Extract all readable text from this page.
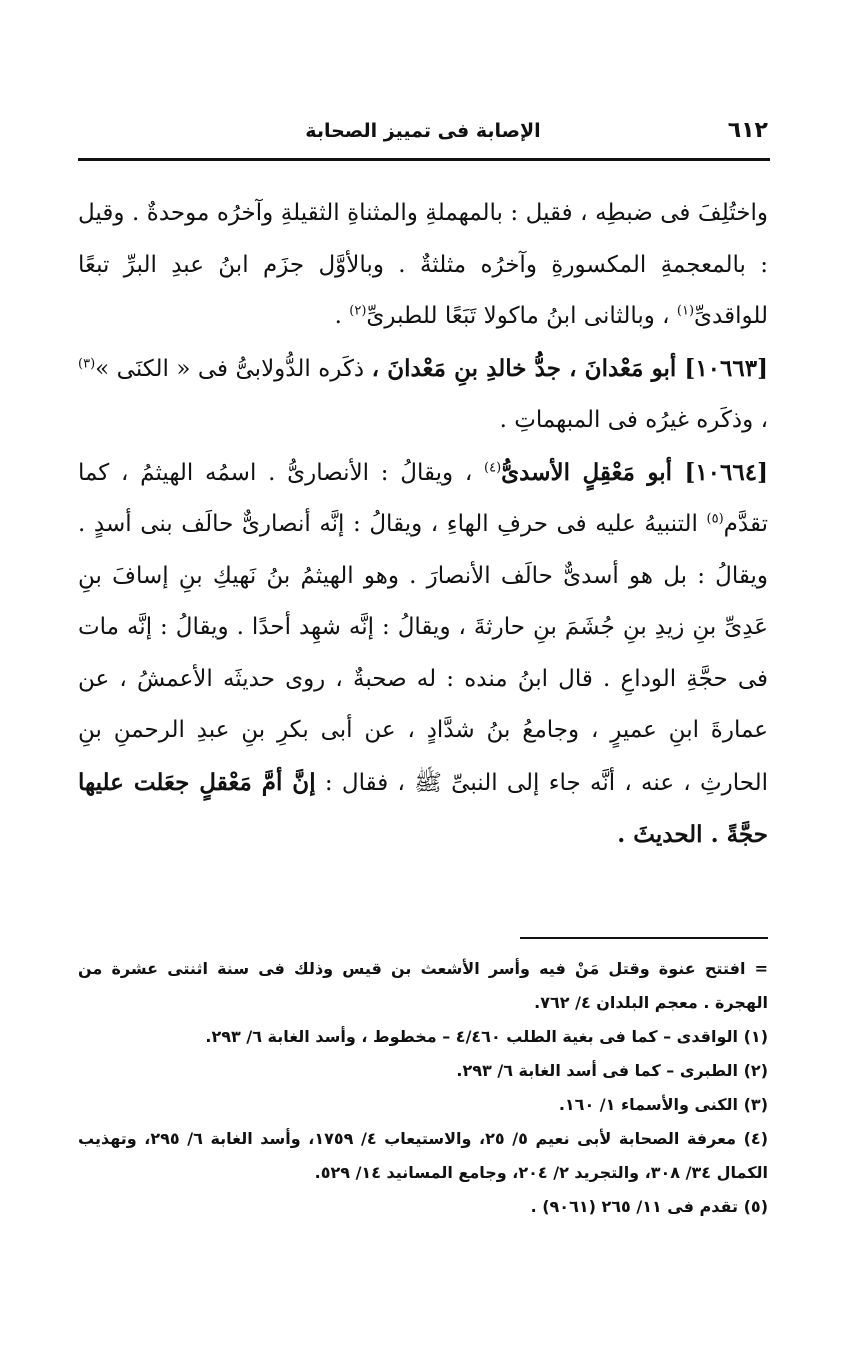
٦١٢
الإصابة فى تمييز الصحابة

واختُلِفَ فى ضبطِه ، فقيل : بالمهملةِ والمثناةِ الثقيلةِ وآخرُه موحدةٌ . وقيل : بالمعجمةِ المكسورةِ وآخرُه مثلثةٌ . وبالأوَّل جزَم ابنُ عبدِ البرِّ تبعًا للواقدىِّ$^{(١)}$ ، وبالثانى ابنُ ماكولا تَبَعًا للطبرىِّ$^{(٢)}$ .

[١٠٦٦٣] أبو مَعْدانَ ، جدُّ خالدِ بنِ مَعْدانَ ، ذكَره الدُّولابىُّ فى « الكنَى »$^{(٣)}$ ، وذكَره غيرُه فى المبهماتِ .

[١٠٦٦٤] أبو مَعْقِلٍ الأسدىُّ$^{(٤)}$ ، ويقالُ : الأنصارىُّ . اسمُه الهيثمُ ، كما تقدَّم$^{(٥)}$ التنبيهُ عليه فى حرفِ الهاءِ ، ويقالُ : إنَّه أنصارىٌّ حالَف بنى أسدٍ . ويقالُ : بل هو أسدىٌّ حالَف الأنصارَ . وهو الهيثمُ بنُ نَهيكِ بنِ إسافَ بنِ عَدِىِّ بنِ زيدِ بنِ جُشَمَ بنِ حارثةَ ، ويقالُ : إنَّه شهِد أحدًا . ويقالُ : إنَّه مات فى حجَّةِ الوداعِ . قال ابنُ منده : له صحبةٌ ، روى حديثَه الأعمشُ ، عن عمارةَ ابنِ عميرٍ ، وجامعُ بنُ شدَّادٍ ، عن أبى بكرِ بنِ عبدِ الرحمنِ بنِ الحارثِ ، عنه ، أنَّه جاء إلى النبىِّ ﷺ ، فقال : إنَّ أمَّ مَعْقلٍ جعَلت عليها حجَّةً . الحديثَ .

= افتتح عنوة وقتل مَنْ فيه وأسر الأشعث بن قيس وذلك فى سنة اثنتى عشرة من الهجرة . معجم البلدان ٤/ ٧٦٢.

(١) الواقدى – كما فى بغية الطلب ٤/٤٦٠ – مخطوط ، وأسد الغابة ٦/ ٢٩٣.

(٢) الطبرى – كما فى أسد الغابة ٦/ ٢٩٣.

(٣) الكنى والأسماء ١/ ١٦٠.

(٤) معرفة الصحابة لأبى نعيم ٥/ ٢٥، والاستيعاب ٤/ ١٧٥٩، وأسد الغابة ٦/ ٢٩٥، وتهذيب الكمال ٣٤/ ٣٠٨، والتجريد ٢/ ٢٠٤، وجامع المسانيد ١٤/ ٥٢٩.

(٥) تقدم فى ١١/ ٢٦٥ (٩٠٦١) .
